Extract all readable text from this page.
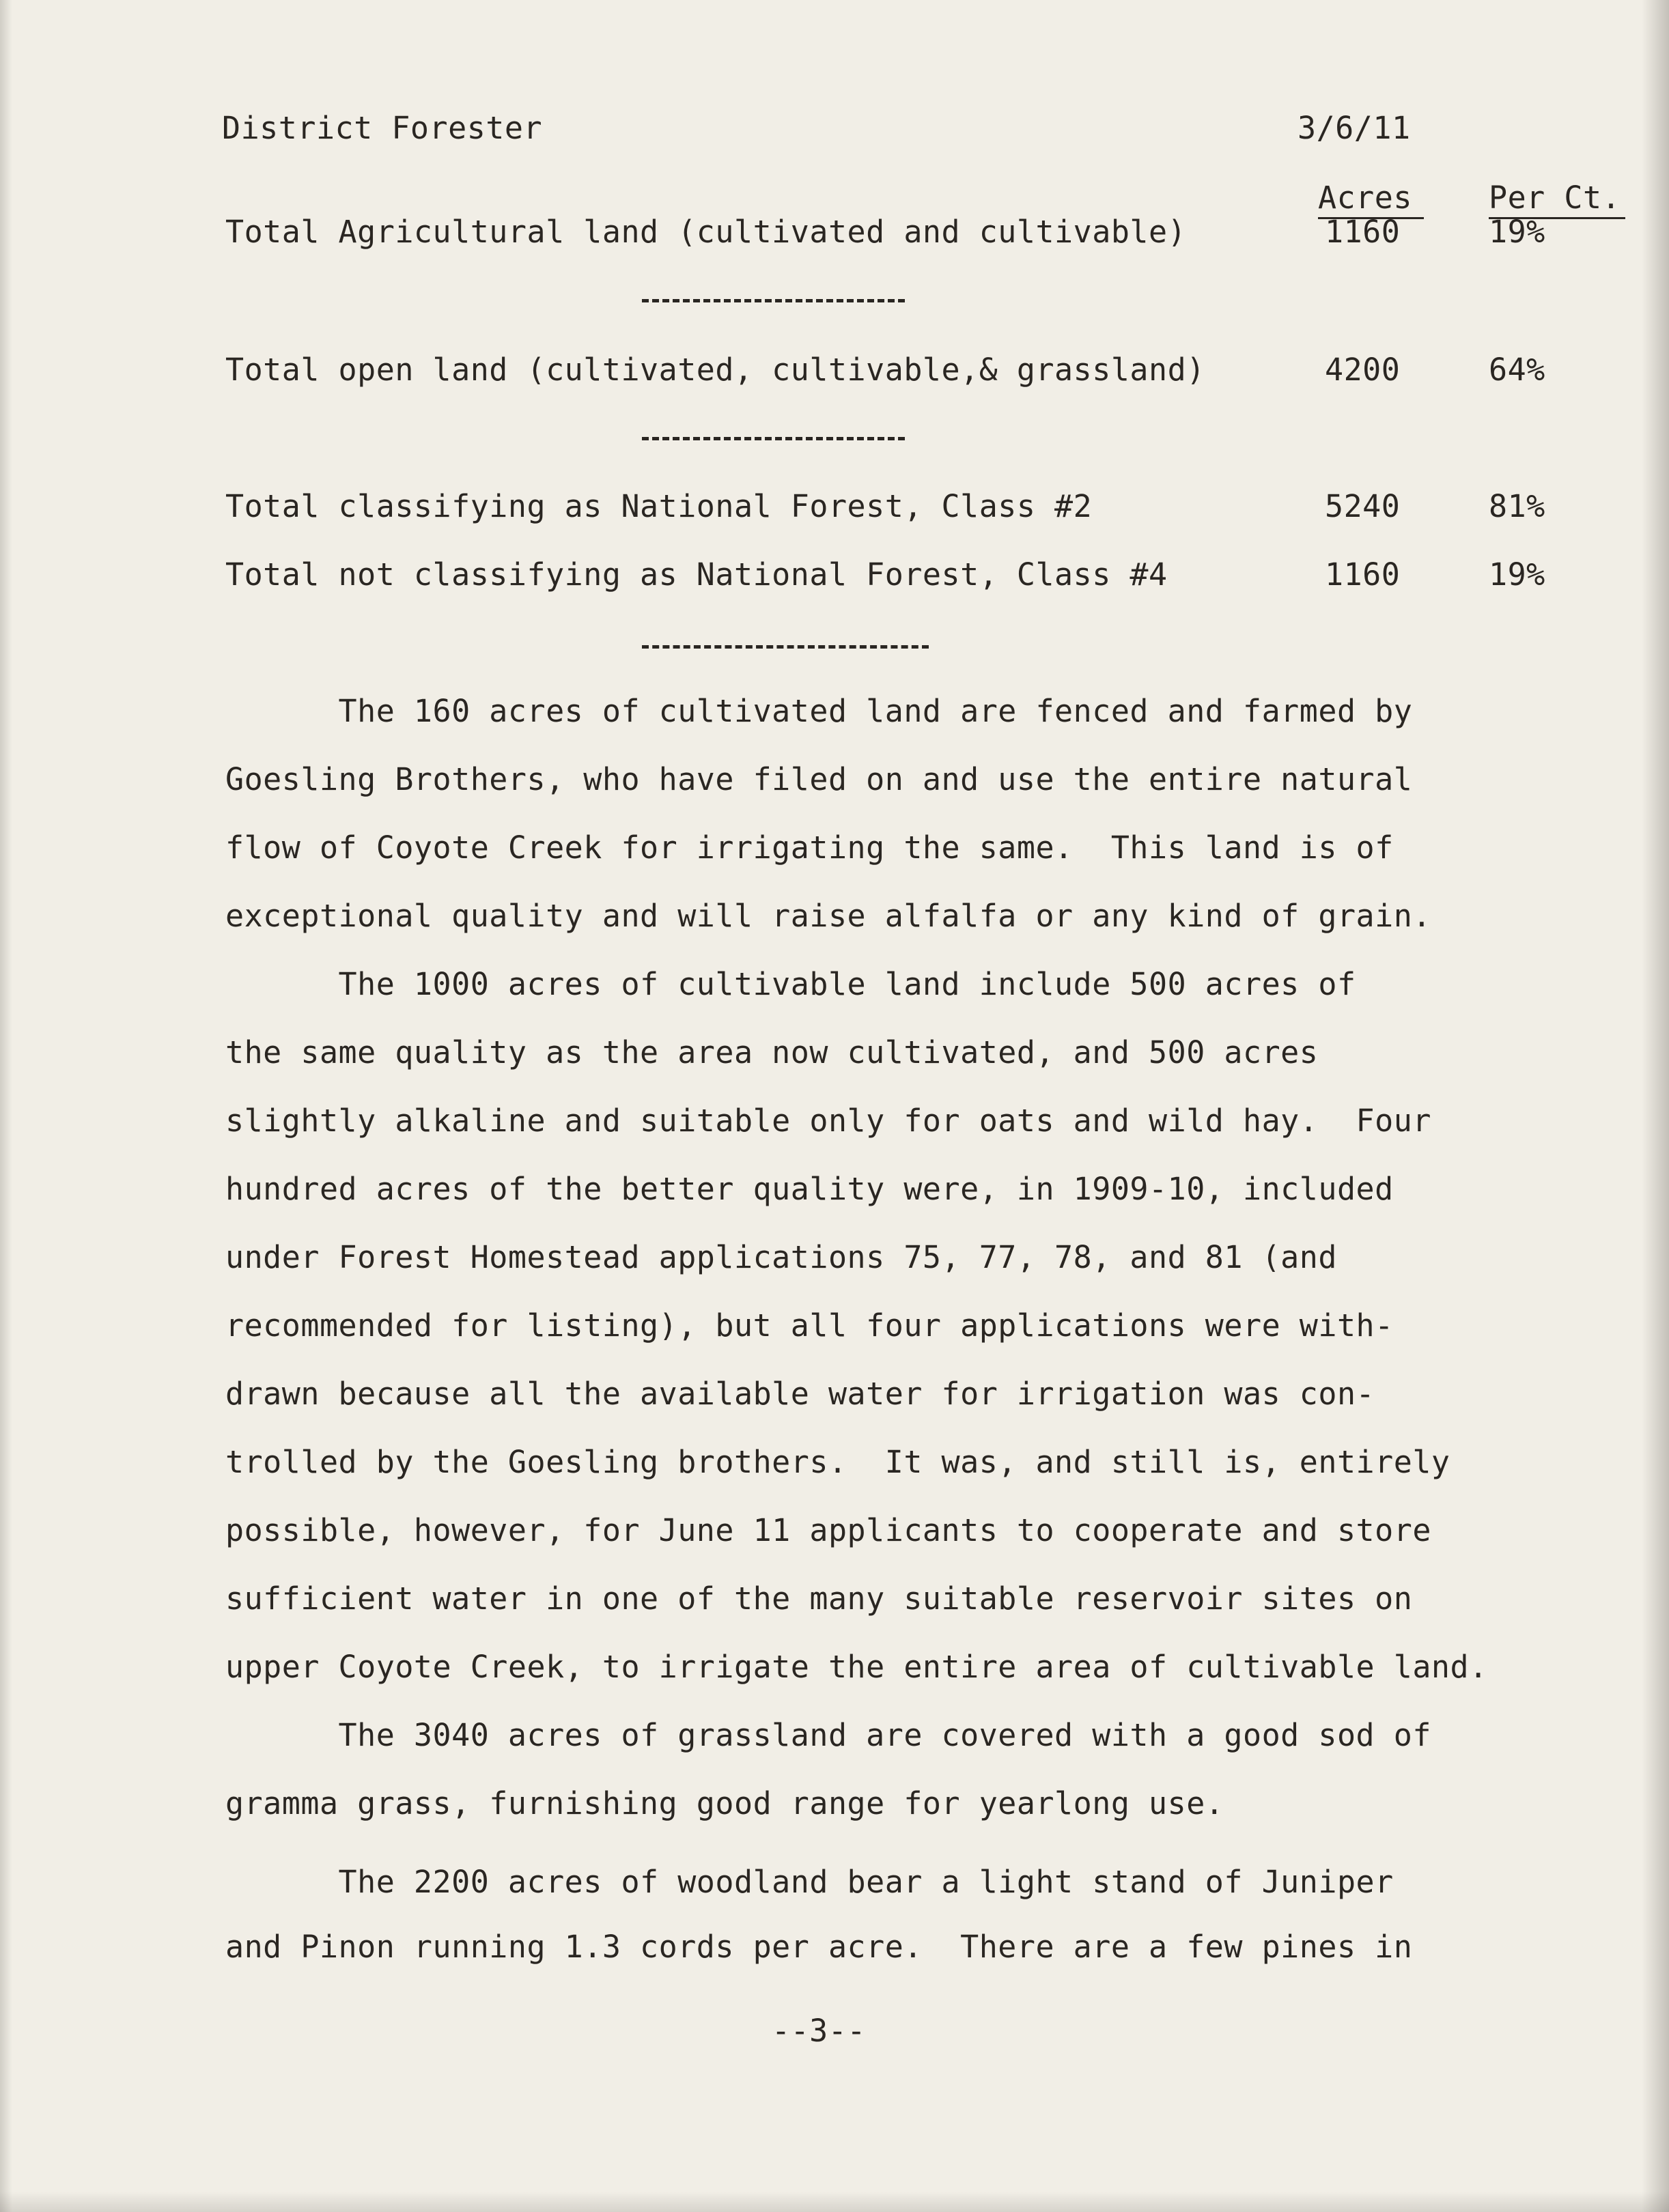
District Forester	3/6/11
Acres Per Ct.
Total Agricultural land (cultivated and cultivable)	1160	19%
Total open land (cultivated, cultivable,& grassland)	4200	64%
Total classifying as National Forest, Class #2	5240	81%
Total not classifying as National Forest, Class #4	1160	19%
The 160 acres of cultivated land are fenced and farmed by
Goesling Brothers, who have filed on and use the entire natural
flow of Coyote Creek for irrigating the same.  This land is of
exceptional quality and will raise alfalfa or any kind of grain.
The 1000 acres of cultivable land include 500 acres of
the same quality as the area now cultivated, and 500 acres
slightly alkaline and suitable only for oats and wild hay.  Four
hundred acres of the better quality were, in 1909-10, included
under Forest Homestead applications 75, 77, 78, and 81 (and
recommended for listing), but all four applications were with-
drawn because all the available water for irrigation was con-
trolled by the Goesling brothers.  It was, and still is, entirely
possible, however, for June 11 applicants to cooperate and store
sufficient water in one of the many suitable reservoir sites on
upper Coyote Creek, to irrigate the entire area of cultivable land.
The 3040 acres of grassland are covered with a good sod of
gramma grass, furnishing good range for yearlong use.
The 2200 acres of woodland bear a light stand of Juniper
and Pinon running 1.3 cords per acre.  There are a few pines in
--3--
